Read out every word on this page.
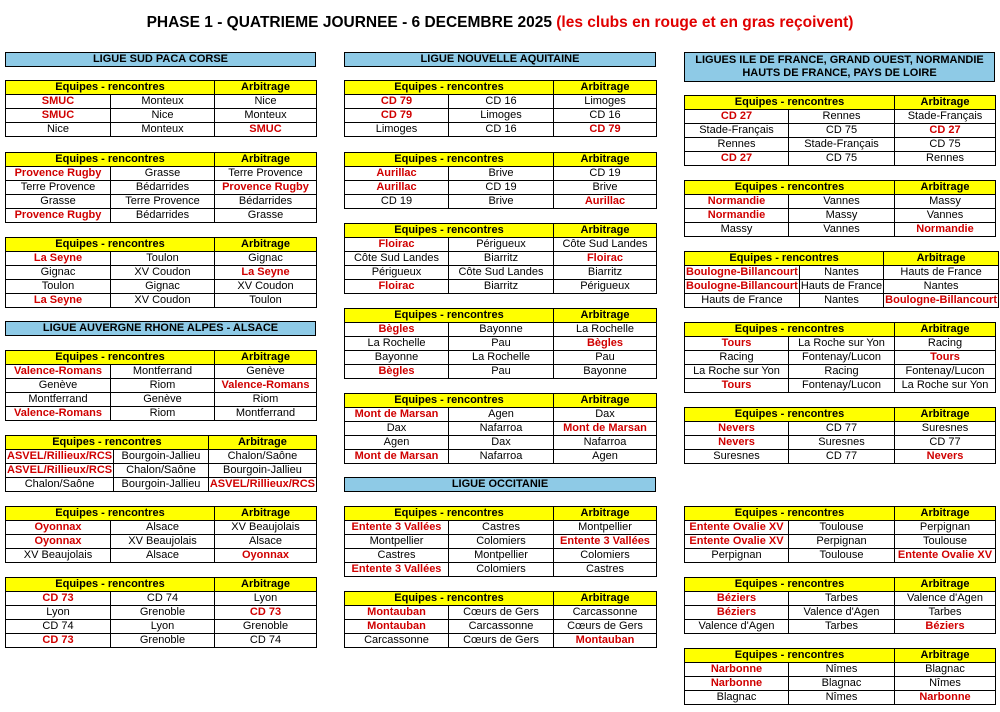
PHASE 1 - QUATRIEME JOURNEE - 6 DECEMBRE 2025 (les clubs en rouge et en gras reçoivent)
LIGUE SUD PACA CORSE
Equipes - rencontres		Arbitrage
SMUC	Monteux	Nice
SMUC	Nice	Monteux
Nice	Monteux	SMUC
Equipes - rencontres		Arbitrage
Provence Rugby	Grasse	Terre Provence
Terre Provence	Bédarrides	Provence Rugby
Grasse	Terre Provence	Bédarrides
Provence Rugby	Bédarrides	Grasse
Equipes - rencontres		Arbitrage
La Seyne	Toulon	Gignac
Gignac	XV Coudon	La Seyne
Toulon	Gignac	XV Coudon
La Seyne	XV Coudon	Toulon
LIGUE AUVERGNE RHONE ALPES - ALSACE
Equipes - rencontres		Arbitrage
Valence-Romans	Montferrand	Genève
Genève	Riom	Valence-Romans
Montferrand	Genève	Riom
Valence-Romans	Riom	Montferrand
Equipes - rencontres		Arbitrage
ASVEL/Rillieux/RCS	Bourgoin-Jallieu	Chalon/Saône
ASVEL/Rillieux/RCS	Chalon/Saône	Bourgoin-Jallieu
Chalon/Saône	Bourgoin-Jallieu	ASVEL/Rillieux/RCS
Equipes - rencontres		Arbitrage
Oyonnax	Alsace	XV Beaujolais
Oyonnax	XV Beaujolais	Alsace
XV Beaujolais	Alsace	Oyonnax
Equipes - rencontres		Arbitrage
CD 73	CD 74	Lyon
Lyon	Grenoble	CD 73
CD 74	Lyon	Grenoble
CD 73	Grenoble	CD 74
LIGUE NOUVELLE AQUITAINE
Equipes - rencontres		Arbitrage
CD 79	CD 16	Limoges
CD 79	Limoges	CD 16
Limoges	CD 16	CD 79
Equipes - rencontres		Arbitrage
Aurillac	Brive	CD 19
Aurillac	CD 19	Brive
CD 19	Brive	Aurillac
Equipes - rencontres		Arbitrage
Floirac	Périgueux	Côte Sud Landes
Côte Sud Landes	Biarritz	Floirac
Périgueux	Côte Sud Landes	Biarritz
Floirac	Biarritz	Périgueux
Equipes - rencontres		Arbitrage
Bègles	Bayonne	La Rochelle
La Rochelle	Pau	Bègles
Bayonne	La Rochelle	Pau
Bègles	Pau	Bayonne
Equipes - rencontres		Arbitrage
Mont de Marsan	Agen	Dax
Dax	Nafarroa	Mont de Marsan
Agen	Dax	Nafarroa
Mont de Marsan	Nafarroa	Agen
LIGUE OCCITANIE
Equipes - rencontres		Arbitrage
Entente 3 Vallées	Castres	Montpellier
Montpellier	Colomiers	Entente 3 Vallées
Castres	Montpellier	Colomiers
Entente 3 Vallées	Colomiers	Castres
Equipes - rencontres		Arbitrage
Montauban	Cœurs de Gers	Carcassonne
Montauban	Carcassonne	Cœurs de Gers
Carcassonne	Cœurs de Gers	Montauban
LIGUES ILE DE FRANCE, GRAND OUEST, NORMANDIE
HAUTS DE FRANCE, PAYS DE LOIRE
Equipes - rencontres		Arbitrage
CD 27	Rennes	Stade-Français
Stade-Français	CD 75	CD 27
Rennes	Stade-Français	CD 75
CD 27	CD 75	Rennes
Equipes - rencontres		Arbitrage
Normandie	Vannes	Massy
Normandie	Massy	Vannes
Massy	Vannes	Normandie
Equipes - rencontres		Arbitrage
Boulogne-Billancourt	Nantes	Hauts de France
Boulogne-Billancourt	Hauts de France	Nantes
Hauts de France	Nantes	Boulogne-Billancourt
Equipes - rencontres		Arbitrage
Tours	La Roche sur Yon	Racing
Racing	Fontenay/Lucon	Tours
La Roche sur Yon	Racing	Fontenay/Lucon
Tours	Fontenay/Lucon	La Roche sur Yon
Equipes - rencontres		Arbitrage
Nevers	CD 77	Suresnes
Nevers	Suresnes	CD 77
Suresnes	CD 77	Nevers
Equipes - rencontres		Arbitrage
Entente Ovalie XV	Toulouse	Perpignan
Entente Ovalie XV	Perpignan	Toulouse
Perpignan	Toulouse	Entente Ovalie XV
Equipes - rencontres		Arbitrage
Béziers	Tarbes	Valence d'Agen
Béziers	Valence d'Agen	Tarbes
Valence d'Agen	Tarbes	Béziers
Equipes - rencontres		Arbitrage
Narbonne	Nîmes	Blagnac
Narbonne	Blagnac	Nîmes
Blagnac	Nîmes	Narbonne
